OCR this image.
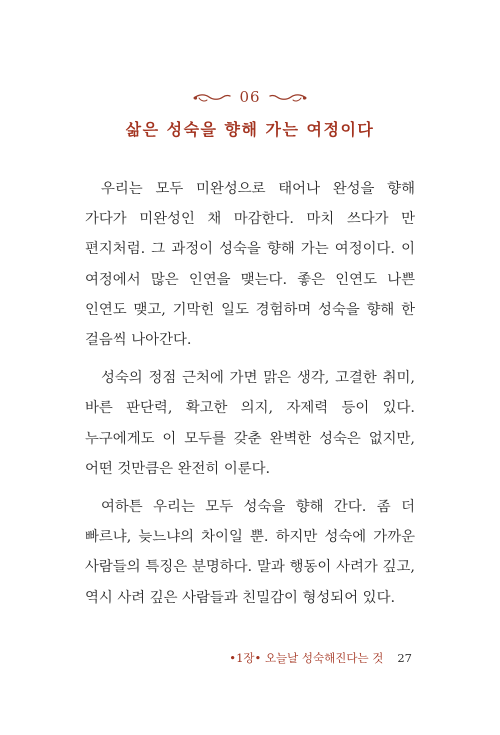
06
삶은 성숙을 향해 가는 여정이다

우리는 모두 미완성으로 태어나 완성을 향해 가다가 미완성인 채 마감한다. 마치 쓰다가 만 편지처럼. 그 과정이 성숙을 향해 가는 여정이다. 이 여정에서 많은 인연을 맺는다. 좋은 인연도 나쁜 인연도 맺고, 기막힌 일도 경험하며 성숙을 향해 한 걸음씩 나아간다.

성숙의 정점 근처에 가면 맑은 생각, 고결한 취미, 바른 판단력, 확고한 의지, 자제력 등이 있다. 누구에게도 이 모두를 갖춘 완벽한 성숙은 없지만, 어떤 것만큼은 완전히 이룬다.

여하튼 우리는 모두 성숙을 향해 간다. 좀 더 빠르냐, 늦느냐의 차이일 뿐. 하지만 성숙에 가까운 사람들의 특징은 분명하다. 말과 행동이 사려가 깊고, 역시 사려 깊은 사람들과 친밀감이 형성되어 있다.

•1장• 오늘날 성숙해진다는 것 27
